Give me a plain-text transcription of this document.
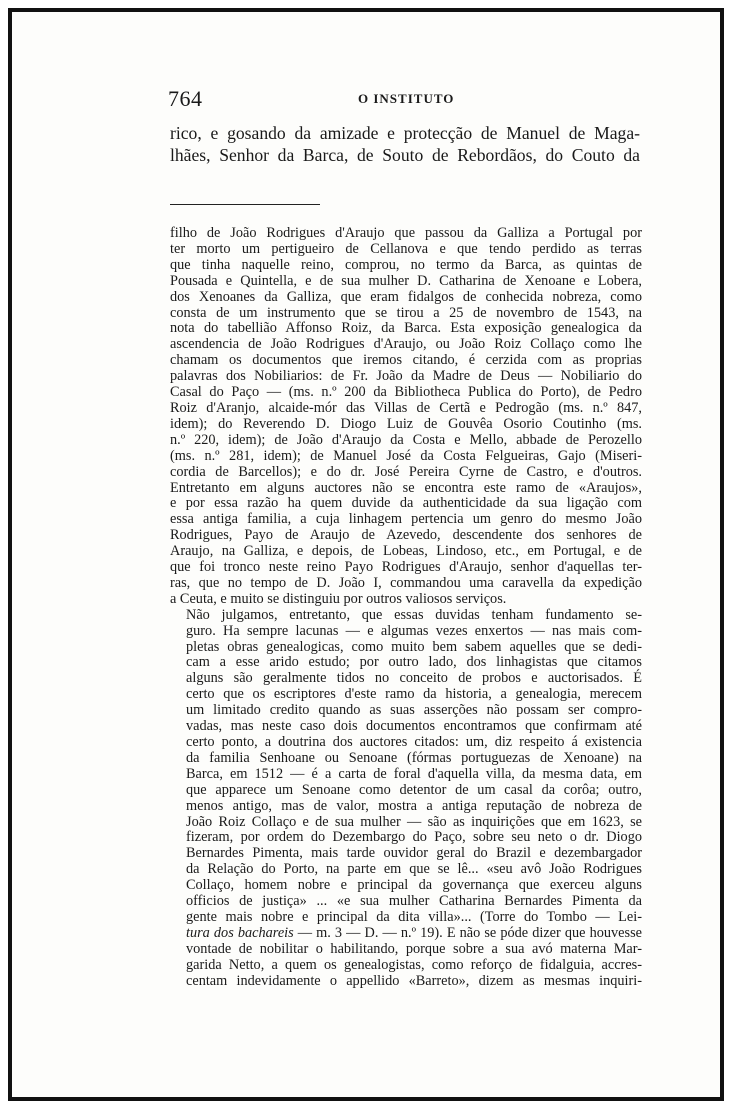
764	O INSTITUTO
rico, e gosando da amizade e protecção de Manuel de Maga-
lhães, Senhor da Barca, de Souto de Rebordãos, do Couto da

filho de João Rodrigues d'Araujo que passou da Galliza a Portugal por
ter morto um pertigueiro de Cellanova e que tendo perdido as terras
que tinha naquelle reino, comprou, no termo da Barca, as quintas de
Pousada e Quintella, e de sua mulher D. Catharina de Xenoane e Lobera,
dos Xenoanes da Galliza, que eram fidalgos de conhecida nobreza, como
consta de um instrumento que se tirou a 25 de novembro de 1543, na
nota do tabellião Affonso Roiz, da Barca. Esta exposição genealogica da
ascendencia de João Rodrigues d'Araujo, ou João Roiz Collaço como lhe
chamam os documentos que iremos citando, é cerzida com as proprias
palavras dos Nobiliarios: de Fr. João da Madre de Deus — Nobiliario do
Casal do Paço — (ms. n.º 200 da Bibliotheca Publica do Porto), de Pedro
Roiz d'Aranjo, alcaide-mór das Villas de Certã e Pedrogão (ms. n.º 847,
idem); do Reverendo D. Diogo Luiz de Gouvêa Osorio Coutinho (ms.
n.º 220, idem); de João d'Araujo da Costa e Mello, abbade de Perozello
(ms. n.º 281, idem); de Manuel José da Costa Felgueiras, Gajo (Miseri-
cordia de Barcellos); e do dr. José Pereira Cyrne de Castro, e d'outros.
Entretanto em alguns auctores não se encontra este ramo de «Araujos»,
e por essa razão ha quem duvide da authenticidade da sua ligação com
essa antiga familia, a cuja linhagem pertencia um genro do mesmo João
Rodrigues, Payo de Araujo de Azevedo, descendente dos senhores de
Araujo, na Galliza, e depois, de Lobeas, Lindoso, etc., em Portugal, e de
que foi tronco neste reino Payo Rodrigues d'Araujo, senhor d'aquellas ter-
ras, que no tempo de D. João I, commandou uma caravella da expedição
a Ceuta, e muito se distinguiu por outros valiosos serviços.

Não julgamos, entretanto, que essas duvidas tenham fundamento se-
guro. Ha sempre lacunas — e algumas vezes enxertos — nas mais com-
pletas obras genealogicas, como muito bem sabem aquelles que se dedi-
cam a esse arido estudo; por outro lado, dos linhagistas que citamos
alguns são geralmente tidos no conceito de probos e auctorisados. É
certo que os escriptores d'este ramo da historia, a genealogia, merecem
um limitado credito quando as suas asserções não possam ser compro-
vadas, mas neste caso dois documentos encontramos que confirmam até
certo ponto, a doutrina dos auctores citados: um, diz respeito á existencia
da familia Senhoane ou Senoane (fórmas portuguezas de Xenoane) na
Barca, em 1512 — é a carta de foral d'aquella villa, da mesma data, em
que apparece um Senoane como detentor de um casal da corôa; outro,
menos antigo, mas de valor, mostra a antiga reputação de nobreza de
João Roiz Collaço e de sua mulher — são as inquirições que em 1623, se
fizeram, por ordem do Dezembargo do Paço, sobre seu neto o dr. Diogo
Bernardes Pimenta, mais tarde ouvidor geral do Brazil e dezembargador
da Relação do Porto, na parte em que se lê... «seu avô João Rodrigues
Collaço, homem nobre e principal da governança que exerceu alguns
officios de justiça» ... «e sua mulher Catharina Bernardes Pimenta da
gente mais nobre e principal da dita villa»... (Torre do Tombo — Lei-
tura dos bachareis — m. 3 — D. — n.º 19). E não se póde dizer que houvesse
vontade de nobilitar o habilitando, porque sobre a sua avó materna Mar-
garida Netto, a quem os genealogistas, como reforço de fidalguia, accres-
centam indevidamente o appellido «Barreto», dizem as mesmas inquiri-
